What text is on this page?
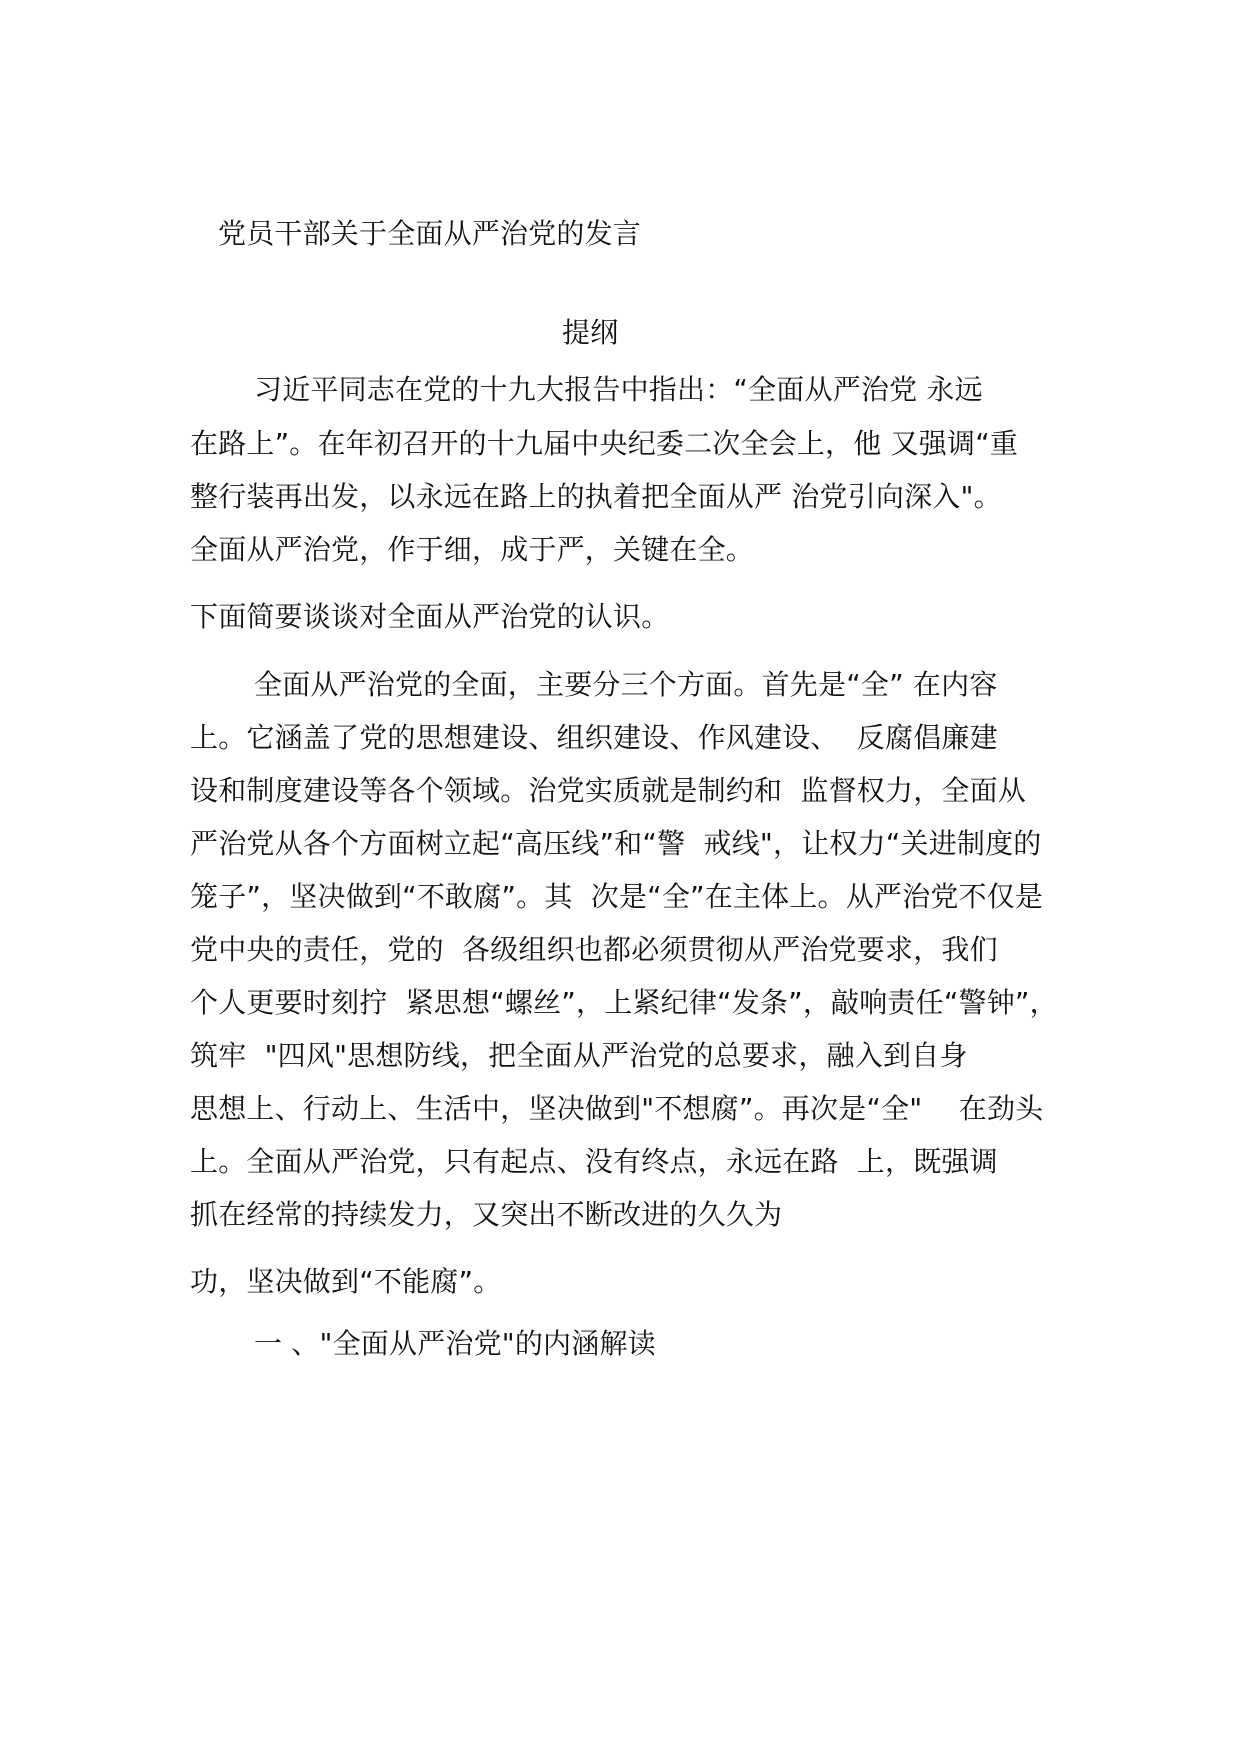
党员干部关于全面从严治党的发言
提纲
习近平同志在党的十九大报告中指出：“全面从严治党 永远
在路上”。在年初召开的十九届中央纪委二次全会上，他 又强调“重
整行装再出发，以永远在路上的执着把全面从严 治党引向深入"。
全面从严治党，作于细，成于严，关键在全。
下面简要谈谈对全面从严治党的认识。
全面从严治党的全面，主要分三个方面。首先是“全” 在内容
上。它涵盖了党的思想建设、组织建设、作风建设、  反腐倡廉建
设和制度建设等各个领域。治党实质就是制约和  监督权力，全面从
严治党从各个方面树立起“高压线”和“警  戒线"，让权力“关进制度的
笼子”，坚决做到“不敢腐”。其  次是“全”在主体上。从严治党不仅是
党中央的责任，党的  各级组织也都必须贯彻从严治党要求，我们
个人更要时刻拧  紧思想“螺丝”，上紧纪律“发条”，敲响责任“警钟”，
筑牢  "四风"思想防线，把全面从严治党的总要求，融入到自身
思想上、行动上、生活中，坚决做到"不想腐”。再次是“全"    在劲头
上。全面从严治党，只有起点、没有终点，永远在路  上，既强调
抓在经常的持续发力，又突出不断改进的久久为
功，坚决做到“不能腐”。
一 、"全面从严治党"的内涵解读
